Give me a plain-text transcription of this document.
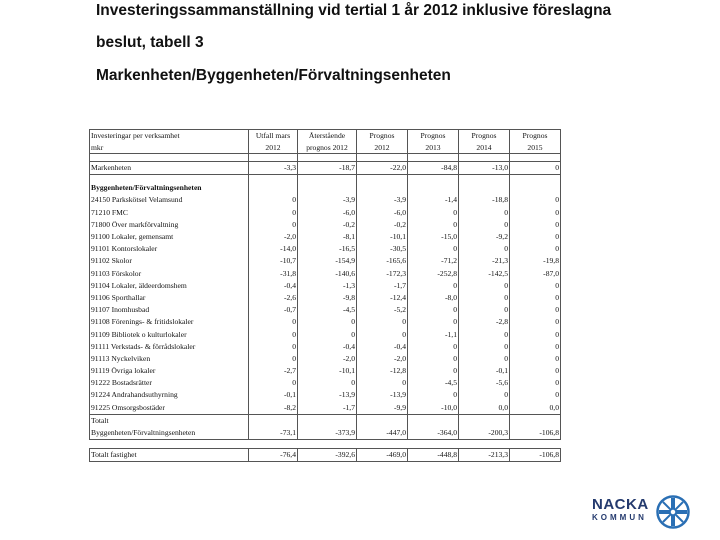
Investeringssammanställning vid tertial 1 år 2012 inklusive föreslagna
beslut, tabell 3
Markenheten/Byggenheten/Förvaltningsenheten
Investeringar per verksamhet	Utfall mars	Återstående	Prognos	Prognos	Prognos	Prognos
mkr	2012	prognos 2012	2012	2013	2014	2015

Markenheten	-3,3	-18,7	-22,0	-84,8	-13,0	0

Byggenheten/Förvaltningsenheten						
24150 Parkskötsel Velamsund	0	-3,9	-3,9	-1,4	-18,8	0
71210 FMC	0	-6,0	-6,0	0	0	0
71800 Över markförvaltning	0	-0,2	-0,2	0	0	0
91100 Lokaler, gemensamt	-2,0	-8,1	-10,1	-15,0	-9,2	0
91101 Kontorslokaler	-14,0	-16,5	-30,5	0	0	0
91102 Skolor	-10,7	-154,9	-165,6	-71,2	-21,3	-19,8
91103 Förskolor	-31,8	-140,6	-172,3	-252,8	-142,5	-87,0
91104 Lokaler, äldeerdomshem	-0,4	-1,3	-1,7	0	0	0
91106 Sporthallar	-2,6	-9,8	-12,4	-8,0	0	0
91107 Inomhusbad	-0,7	-4,5	-5,2	0	0	0
91108 Förenings- & fritidslokaler	0	0	0	0	-2,8	0
91109 Bibliotek o kulturlokaler	0	0	0	-1,1	0	0
91111 Verkstads- & förrådslokaler	0	-0,4	-0,4	0	0	0
91113 Nyckelviken	0	-2,0	-2,0	0	0	0
91119 Övriga lokaler	-2,7	-10,1	-12,8	0	-0,1	0
91222 Bostadsrätter	0	0	0	-4,5	-5,6	0
91224 Andrahandsuthyrning	-0,1	-13,9	-13,9	0	0	0
91225 Omsorgsbostäder	-8,2	-1,7	-9,9	-10,0	0,0	0,0
Totalt						
Byggenheten/Förvaltningsenheten	-73,1	-373,9	-447,0	-364,0	-200,3	-106,8

Totalt fastighet	-76,4	-392,6	-469,0	-448,8	-213,3	-106,8
NACKA
KOMMUN
